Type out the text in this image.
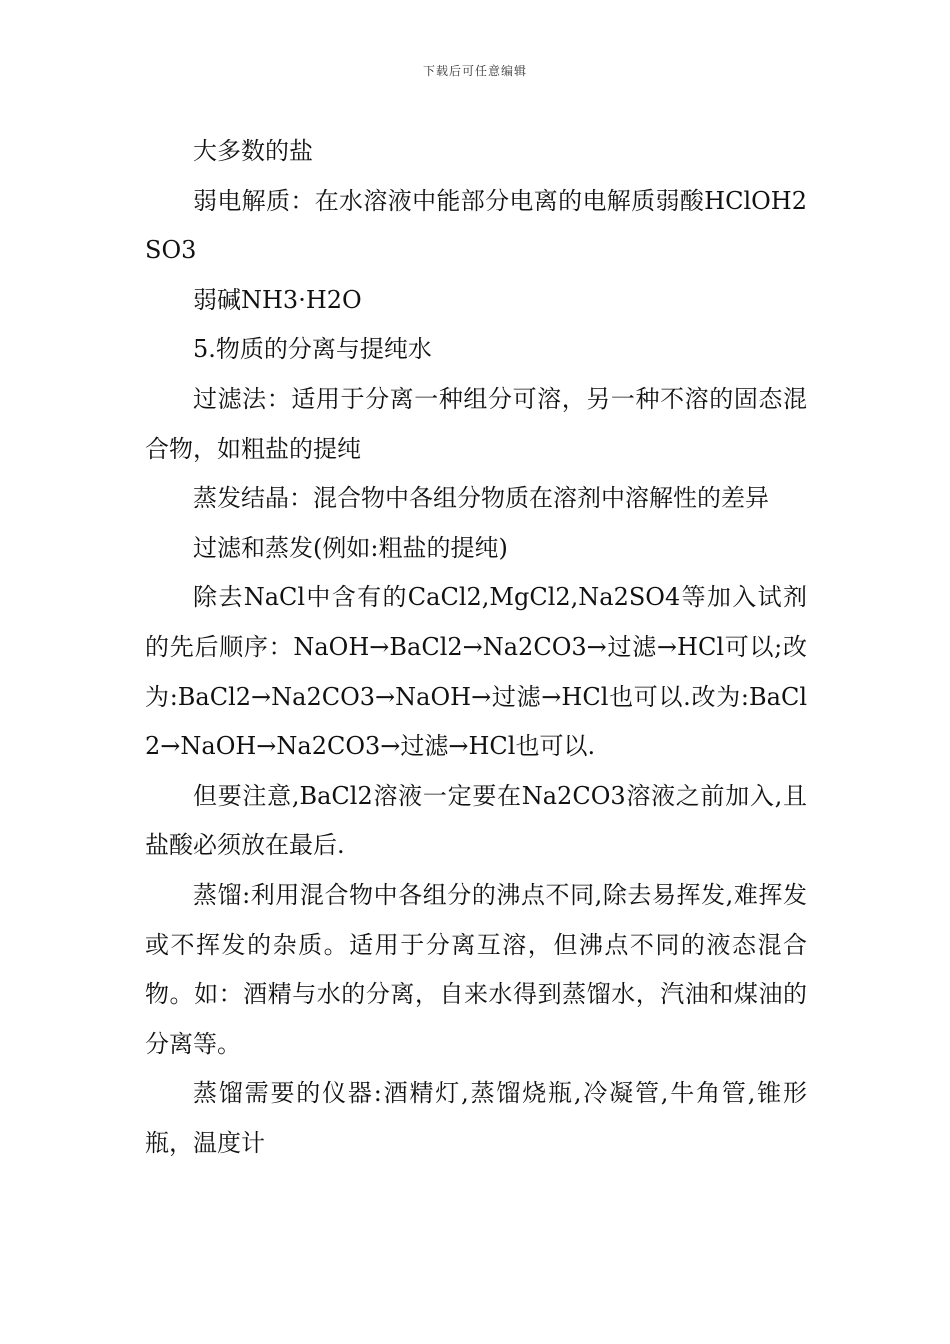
下载后可任意编辑

大多数的盐

弱电解质：在水溶液中能部分电离的电解质弱酸HClOH2SO3

弱碱NH3·H2O

5.物质的分离与提纯水

过滤法：适用于分离一种组分可溶，另一种不溶的固态混合物，如粗盐的提纯

蒸发结晶：混合物中各组分物质在溶剂中溶解性的差异

过滤和蒸发(例如:粗盐的提纯)

除去NaCl中含有的CaCl2,MgCl2,Na2SO4等加入试剂的先后顺序：NaOH→BaCl2→Na2CO3→过滤→HCl可以;改为:BaCl2→Na2CO3→NaOH→过滤→HCl也可以.改为:BaCl2→NaOH→Na2CO3→过滤→HCl也可以.

但要注意,BaCl2溶液一定要在Na2CO3溶液之前加入,且盐酸必须放在最后.

蒸馏:利用混合物中各组分的沸点不同,除去易挥发,难挥发或不挥发的杂质。适用于分离互溶，但沸点不同的液态混合物。如：酒精与水的分离，自来水得到蒸馏水，汽油和煤油的分离等。

蒸馏需要的仪器:酒精灯,蒸馏烧瓶,冷凝管,牛角管,锥形瓶，温度计
